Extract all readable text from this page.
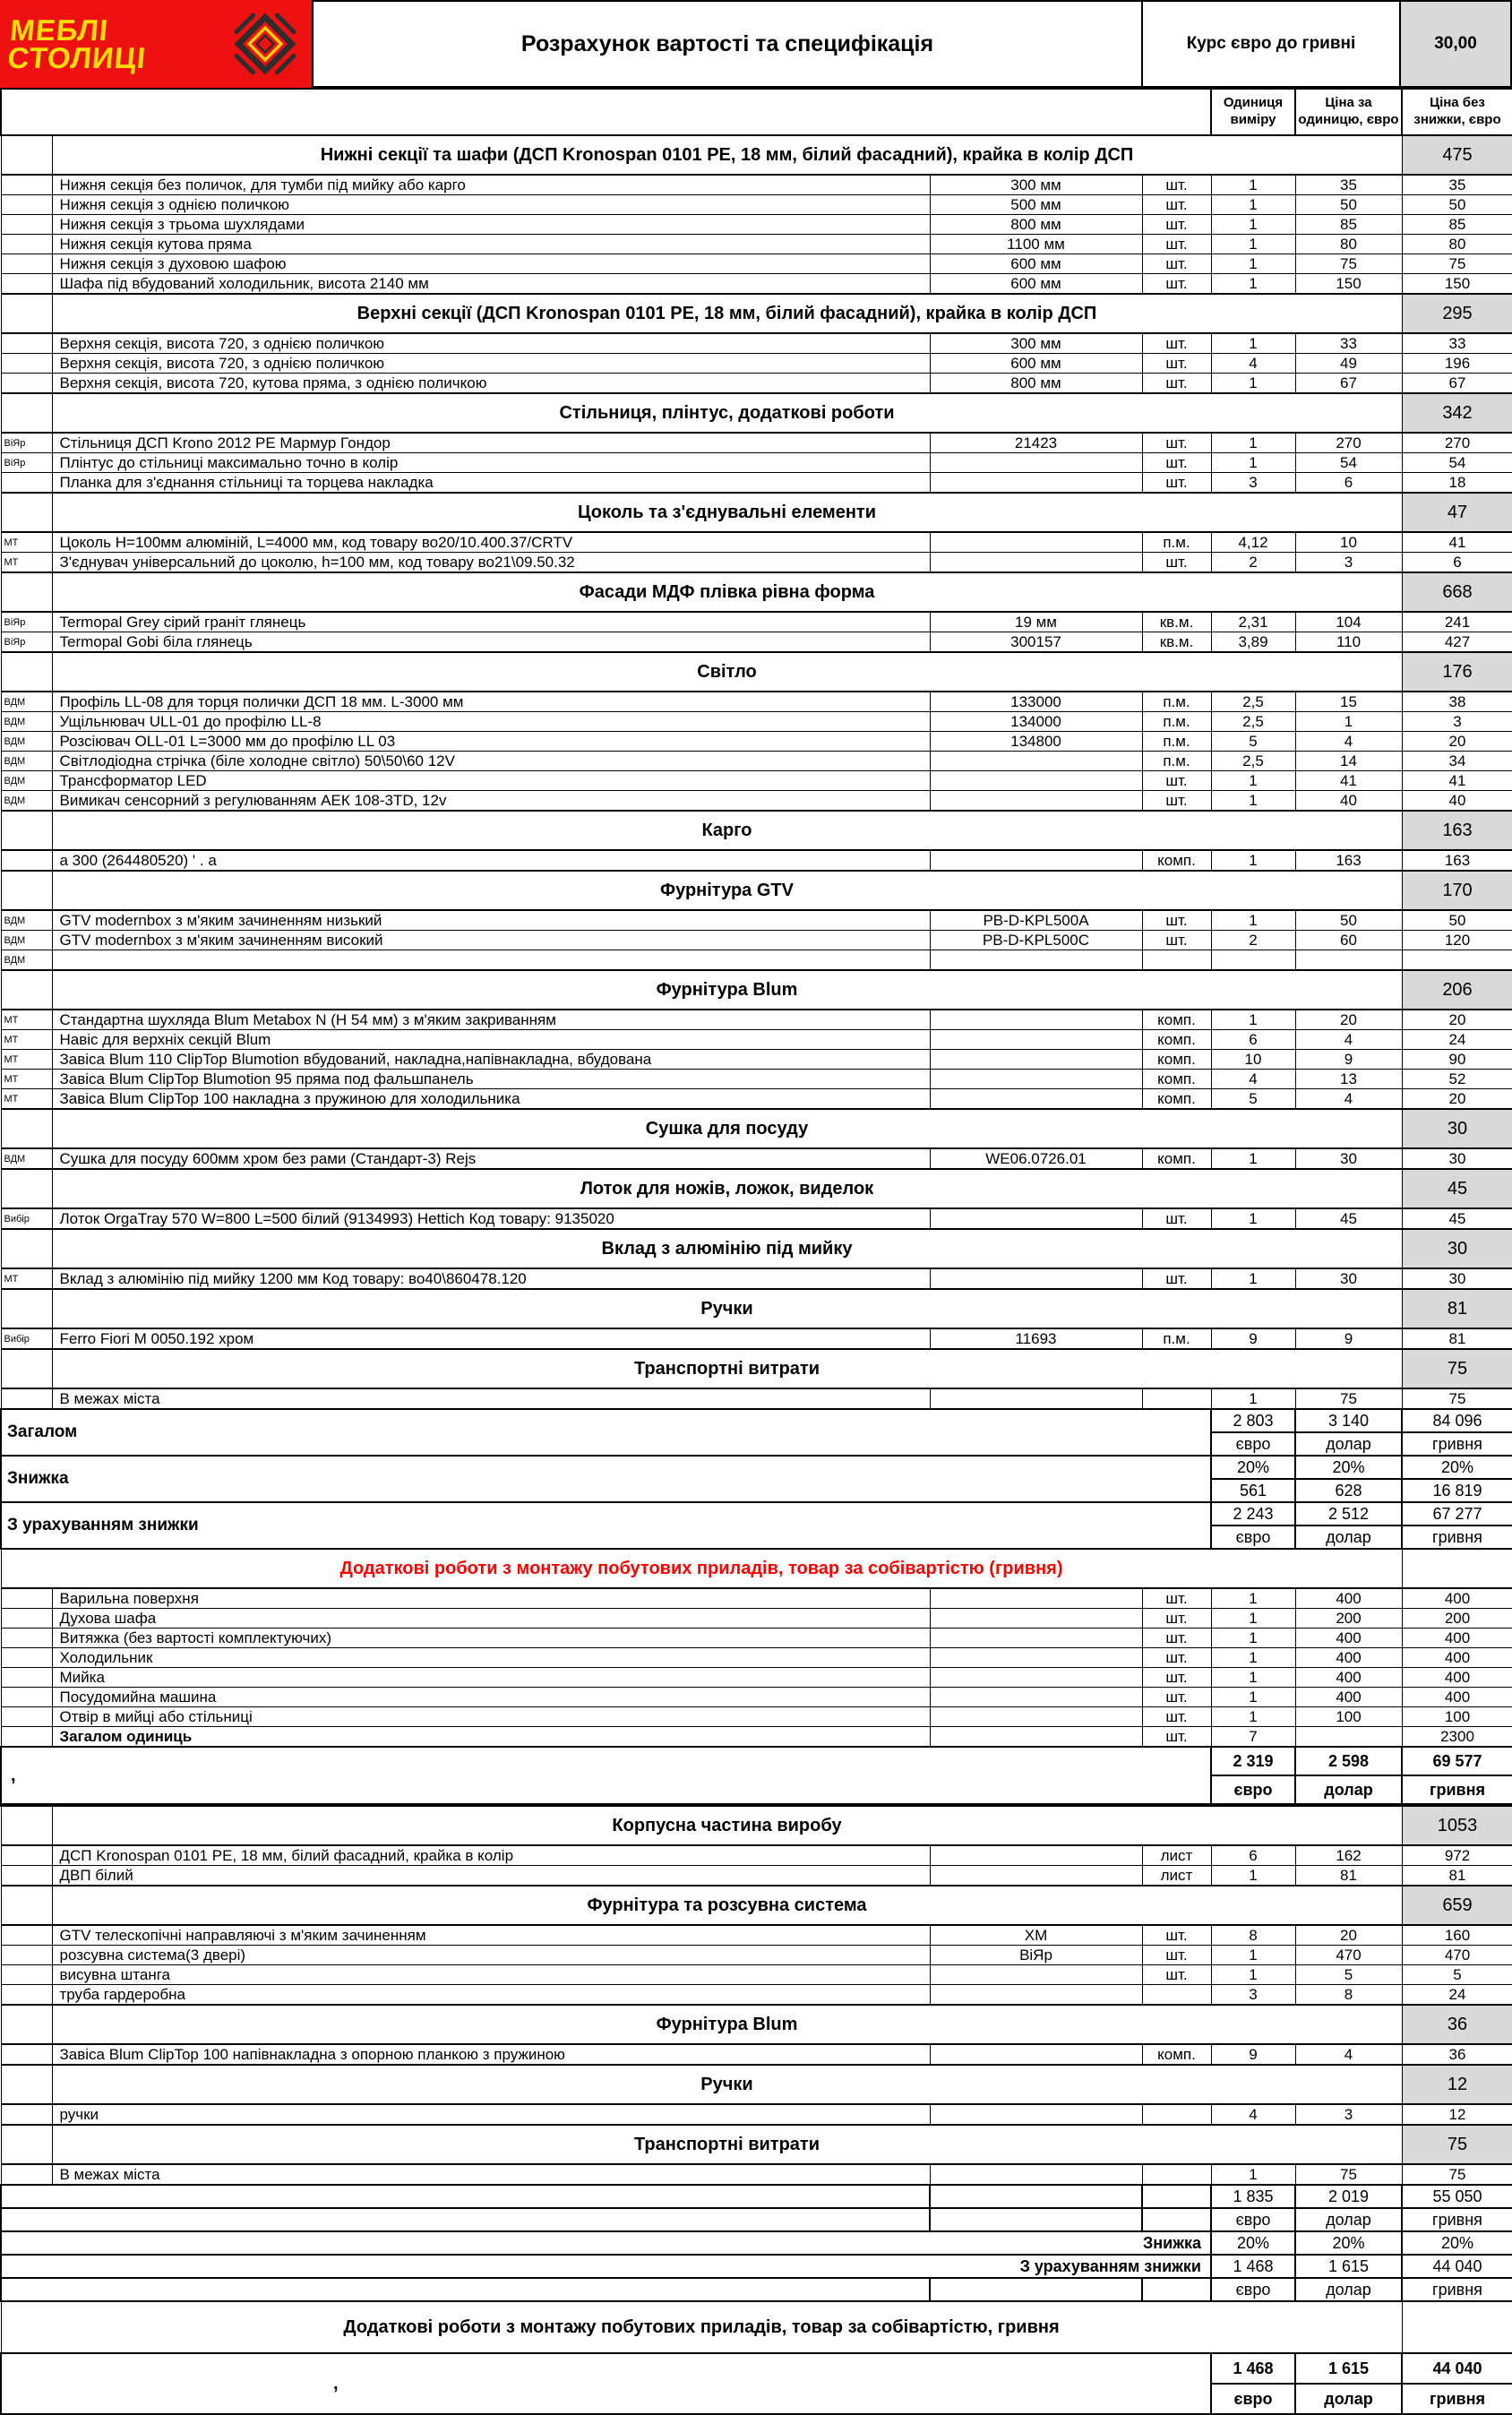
МЕБЛІ
СТОЛИЦІ	Розрахунок вартості та специфікація	Курс євро до гривні	30,00
				Одиниця виміру	Ціна за одиницю, євро	Ціна без знижки, євро
	Нижні секції та шафи (ДСП Kronospan 0101 PE, 18 мм, білий фасадний), крайка в колір ДСП					475
	Нижня секція без поличок, для тумби під мийку або карго	300 мм	шт.	1	35	35
	Нижня секція з однією поличкою	500 мм	шт.	1	50	50
	Нижня секція з трьома шухлядами	800 мм	шт.	1	85	85
	Нижня секція кутова пряма	1100 мм	шт.	1	80	80
	Нижня секція з духовою шафою	600 мм	шт.	1	75	75
	Шафа під вбудований холодильник, висота 2140 мм	600 мм	шт.	1	150	150
	Верхні секції (ДСП Kronospan 0101 PE, 18 мм, білий фасадний), крайка в колір ДСП					295
	Верхня секція, висота 720, з однією поличкою	300 мм	шт.	1	33	33
	Верхня секція, висота 720, з однією поличкою	600 мм	шт.	4	49	196
	Верхня секція, висота 720, кутова пряма, з однією поличкою	800 мм	шт.	1	67	67
	Стільниця, плінтус, додаткові роботи					342
ВіЯр	Стільниця ДСП Krono 2012 PE Мармур Гондор	21423	шт.	1	270	270
ВіЯр	Плінтус до стільниці максимально точно в колір		шт.	1	54	54
	Планка для з'єднання стільниці та торцева накладка		шт.	3	6	18
	Цоколь та з'єднувальні елементи					47
МТ	Цоколь H=100мм алюміній, L=4000 мм, код товару во20/10.400.37/CRTV		п.м.	4,12	10	41
МТ	З'єднувач універсальний до цоколю, h=100 мм, код товару во21\09.50.32		шт.	2	3	6
	Фасади МДФ плівка рівна форма					668
ВіЯр	Termopal Grey сірий граніт глянець	19 мм	кв.м.	2,31	104	241
ВіЯр	Termopal Gobi біла глянець	300157	кв.м.	3,89	110	427
	Світло					176
ВДМ	Профіль LL-08 для торця полички ДСП 18 мм. L-3000 мм	133000	п.м.	2,5	15	38
ВДМ	Ущільнювач ULL-01 до профілю LL-8	134000	п.м.	2,5	1	3
ВДМ	Розсіювач OLL-01 L=3000 мм до профілю LL 03	134800	п.м.	5	4	20
ВДМ	Світлодіодна стрічка (біле холодне світло) 50\50\60 12V		п.м.	2,5	14	34
ВДМ	Трансформатор LED		шт.	1	41	41
ВДМ	Вимикач сенсорний з регулюванням АЕК 108-3TD, 12v		шт.	1	40	40
	Карго					163
	а 300 (264480520) ' . а		комп.	1	163	163
	Фурнітура GTV					170
ВДМ	GTV modernbox з м'яким зачиненням низький	PB-D-KPL500A	шт.	1	50	50
ВДМ	GTV modernbox з м'яким зачиненням високий	PB-D-KPL500C	шт.	2	60	120
ВДМ						
	Фурнітура Blum					206
МТ	Стандартна шухляда Blum Metabox N (H 54 мм) з м'яким закриванням		комп.	1	20	20
МТ	Навіс для верхніх секцій Blum		комп.	6	4	24
МТ	Завіса Blum 110 ClipTop Blumotion вбудований, накладна,напівнакладна, вбудована		комп.	10	9	90
МТ	Завіса Blum ClipTop Blumotion 95 пряма под фальшпанель		комп.	4	13	52
МТ	Завіса Blum ClipTop 100 накладна з пружиною для холодильника		комп.	5	4	20
	Сушка для посуду					30
ВДМ	Сушка для посуду 600мм хром без рами (Стандарт-3) Rejs	WE06.0726.01	комп.	1	30	30
	Лоток для ножів, ложок, виделок					45
Вибір	Лоток OrgaTray 570 W=800 L=500 білий (9134993) Hettich Код товару: 9135020		шт.	1	45	45
	Вклад з алюмінію під мийку					30
МТ	Вклад з алюмінію під мийку 1200 мм Код товару: во40\860478.120		шт.	1	30	30
	Ручки					81
Вибір	Ferro Fiori M 0050.192 хром	11693	п.м.	9	9	81
	Транспортні витрати					75
	В межах міста			1	75	75
Загалом				2 803	3 140	84 096
				євро	долар	гривня
Знижка				20%	20%	20%
				561	628	16 819
З урахуванням знижки				2 243	2 512	67 277
				євро	долар	гривня
Додаткові роботи з монтажу побутових приладів, товар за собівартістю (гривня)						
	Варильна поверхня		шт.	1	400	400
	Духова шафа		шт.	1	200	200
	Витяжка (без вартості комплектуючих)		шт.	1	400	400
	Холодильник		шт.	1	400	400
	Мийка		шт.	1	400	400
	Посудомийна машина		шт.	1	400	400
	Отвір в мийці або стільниці		шт.	1	100	100
	Загалом одиниць		шт.	7		2300
,				2 319	2 598	69 577
				євро	долар	гривня
	Корпусна частина виробу					1053
	ДСП Kronospan 0101 PE, 18 мм, білий фасадний, крайка в колір		лист	6	162	972
	ДВП білий		лист	1	81	81
	Фурнітура та розсувна система					659
	GTV телескопічні направляючі з м'яким зачиненням	ХМ	шт.	8	20	160
	розсувна система(3 двері)	ВіЯр	шт.	1	470	470
	висувна штанга		шт.	1	5	5
	труба гардеробна			3	8	24
	Фурнітура Blum					36
	Завіса Blum ClipTop 100 напівнакладна з опорною планкою з пружиною		комп.	9	4	36
	Ручки					12
	ручки			4	3	12
	Транспортні витрати					75
	В межах міста			1	75	75
				1 835	2 019	55 050
				євро	долар	гривня
Знижка				20%	20%	20%
З урахуванням знижки				1 468	1 615	44 040
				євро	долар	гривня
Додаткові роботи з монтажу побутових приладів, товар за собівартістю, гривня						
,				1 468	1 615	44 040
				євро	долар	гривня
